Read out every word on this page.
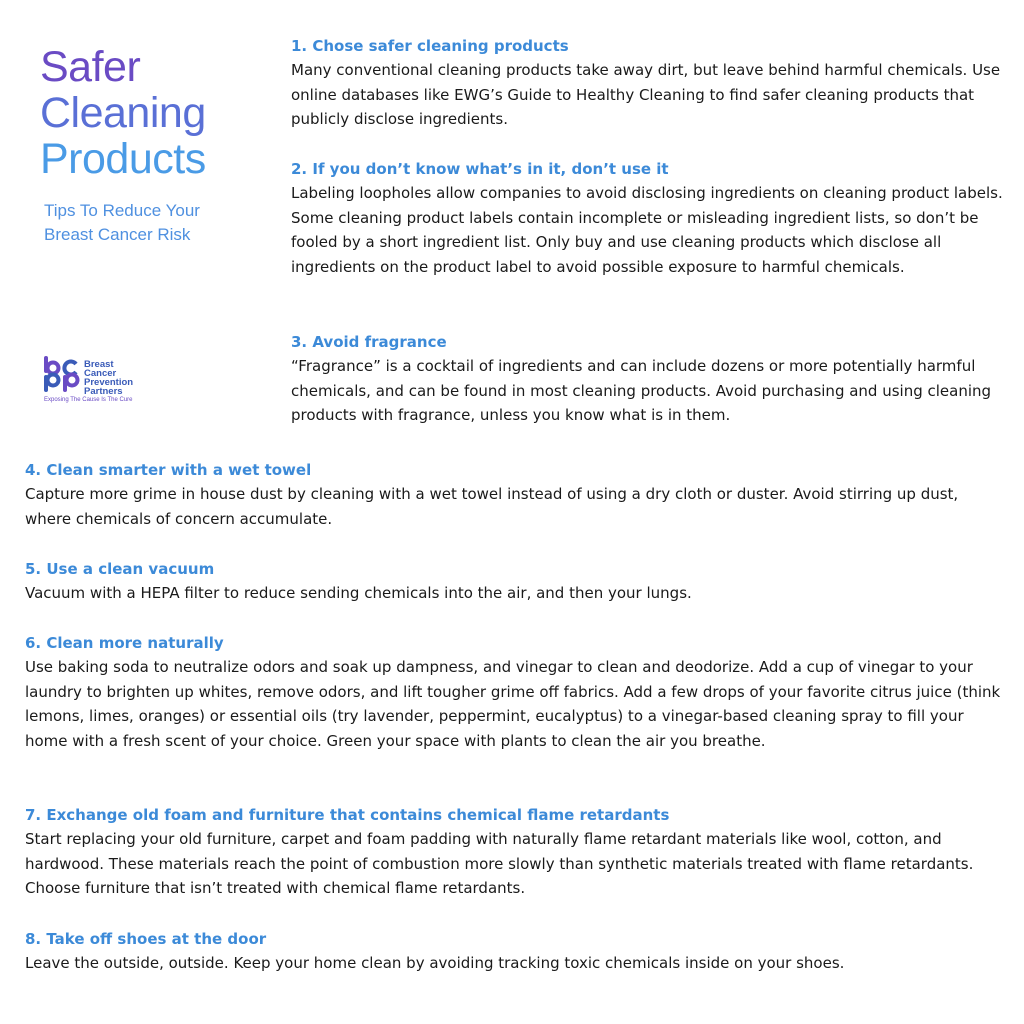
Safer
Cleaning
Products
Tips To Reduce Your
Breast Cancer Risk
Breast
Cancer
Prevention
Partners
Exposing The Cause Is The Cure
1. Chose safer cleaning products

Many conventional cleaning products take away dirt, but leave behind harmful chemicals. Use online databases like EWG’s Guide to Healthy Cleaning to find safer cleaning products that publicly disclose ingredients.

2. If you don’t know what’s in it, don’t use it

Labeling loopholes allow companies to avoid disclosing ingredients on cleaning product labels. Some cleaning product labels contain incomplete or misleading ingredient lists, so don’t be fooled by a short ingredient list. Only buy and use cleaning products which disclose all ingredients on the product label to avoid possible exposure to harmful chemicals.

3. Avoid fragrance

“Fragrance” is a cocktail of ingredients and can include dozens or more potentially harmful chemicals, and can be found in most cleaning products. Avoid purchasing and using cleaning products with fragrance, unless you know what is in them.

4. Clean smarter with a wet towel

Capture more grime in house dust by cleaning with a wet towel instead of using a dry cloth or duster. Avoid stirring up dust, where chemicals of concern accumulate.

5. Use a clean vacuum

Vacuum with a HEPA filter to reduce sending chemicals into the air, and then your lungs.

6. Clean more naturally

Use baking soda to neutralize odors and soak up dampness, and vinegar to clean and deodorize. Add a cup of vinegar to your laundry to brighten up whites, remove odors, and lift tougher grime off fabrics. Add a few drops of your favorite citrus juice (think lemons, limes, oranges) or essential oils (try lavender, peppermint, eucalyptus) to a vinegar-based cleaning spray to fill your home with a fresh scent of your choice. Green your space with plants to clean the air you breathe.

7. Exchange old foam and furniture that contains chemical flame retardants

Start replacing your old furniture, carpet and foam padding with naturally flame retardant materials like wool, cotton, and hardwood. These materials reach the point of combustion more slowly than synthetic materials treated with flame retardants. Choose furniture that isn’t treated with chemical flame retardants.

8. Take off shoes at the door

Leave the outside, outside. Keep your home clean by avoiding tracking toxic chemicals inside on your shoes.
